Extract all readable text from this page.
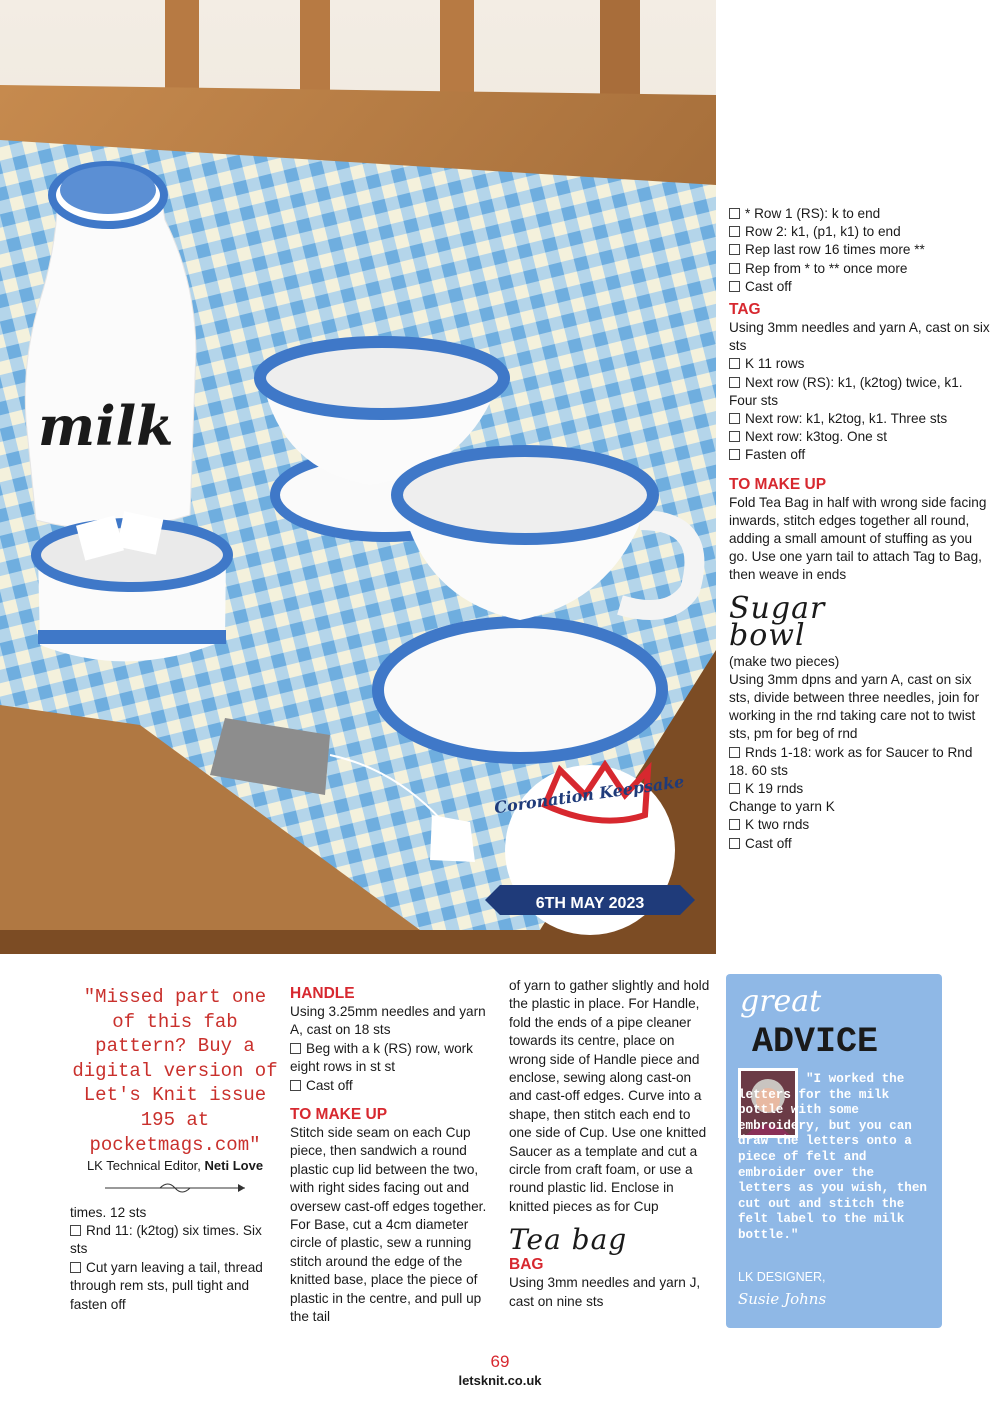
milk
Coronation Keepsake
6TH MAY 2023

* Row 1 (RS): k to end

Row 2: k1, (p1, k1) to end

Rep last row 16 times more **

Rep from * to ** once more

Cast off

TAG

Using 3mm needles and yarn A, cast on six sts

K 11 rows

Next row (RS): k1, (k2tog) twice, k1. Four sts

Next row: k1, k2tog, k1. Three sts

Next row: k3tog. One st

Fasten off

TO MAKE UP

Fold Tea Bag in half with wrong side facing inwards, stitch edges together all round, adding a small amount of stuffing as you go. Use one yarn tail to attach Tag to Bag, then weave in ends

Sugar
bowl

(make two pieces)

Using 3mm dpns and yarn A, cast on six sts, divide between three needles, join for working in the rnd taking care not to twist sts, pm for beg of rnd

Rnds 1-18: work as for Saucer to Rnd 18. 60 sts

K 19 rnds

Change to yarn K

K two rnds

Cast off

"Missed part one of this fab pattern? Buy a digital version of Let's Knit issue 195 at pocketmags.com"

LK Technical Editor, Neti Love

times. 12 sts

Rnd 11: (k2tog) six times. Six sts

Cut yarn leaving a tail, thread through rem sts, pull tight and fasten off

HANDLE

Using 3.25mm needles and yarn A, cast on 18 sts

Beg with a k (RS) row, work eight rows in st st

Cast off

TO MAKE UP

Stitch side seam on each Cup piece, then sandwich a round plastic cup lid between the two, with right sides facing out and oversew cast-off edges together. For Base, cut a 4cm diameter circle of plastic, sew a running stitch around the edge of the knitted base, place the piece of plastic in the centre, and pull up the tail

of yarn to gather slightly and hold the plastic in place. For Handle, fold the ends of a pipe cleaner towards its centre, place on wrong side of Handle piece and enclose, sewing along cast-on and cast-off edges. Curve into a shape, then stitch each end to one side of Cup. Use one knitted Saucer as a template and cut a circle from craft foam, or use a round plastic lid. Enclose in knitted pieces as for Cup

Tea bag
BAG

Using 3mm needles and yarn J, cast on nine sts

great
ADVICE
"I worked the letters for the milk bottle with some embroidery, but you can draw the letters onto a piece of felt and embroider over the letters as you wish, then cut out and stitch the felt label to the milk bottle."
LK DESIGNER,
Susie Johns
69
letsknit.co.uk
